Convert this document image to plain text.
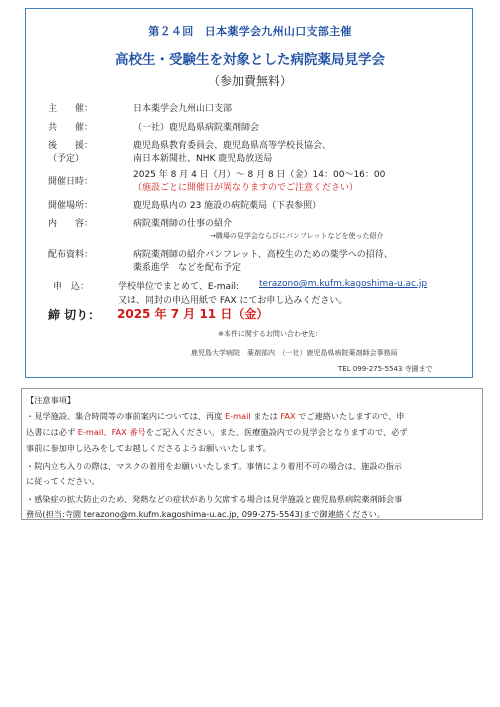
第２４回　日本薬学会九州山口支部主催
高校生・受験生を対象とした病院薬局見学会
（参加費無料）
主　　催：	日本薬学会九州山口支部
共　　催：	（一社）鹿児島県病院薬剤師会
後　　援：
（予定）
鹿児島県教育委員会、鹿児島県高等学校長協会、
南日本新聞社、NHK 鹿児島放送局
開催日時：
2025 年 8 月 4 日（月）～ 8 月 8 日（金）14：00～16：00
（施設ごとに開催日が異なりますのでご注意ください）
開催場所：	鹿児島県内の 23 施設の病院薬局（下表参照）
内　　容：	病院薬剤師の仕事の紹介
→職場の見学会ならびにパンフレットなどを使った紹介
配布資料：	病院薬剤師の紹介パンフレット、高校生のための薬学への招待、
薬系進学　などを配布予定
申　込：	学校単位でまとめて、E-mail: terazono@m.kufm.kagoshima-u.ac.jp
又は、同封の申込用紙で FAX にてお申し込みください。
締 切り： 2025 年 7 月 11 日（金）
※本件に関するお問い合わせ先：
鹿児島大学病院　薬剤部内　（一社）鹿児島県病院薬剤師会事務局
TEL 099-275-5543 寺園まで
【注意事項】
・見学施設、集合時間等の事前案内については、再度 E-mail または FAX でご連絡いたしますので、申
込書には必ず E-mail、FAX 番号をご記入ください。また、医療施設内での見学会となりますので、必ず
事前に参加申し込みをしてお越しくださるようお願いいたします。
・院内立ち入りの際は、マスクの着用をお願いいたします。事情により着用不可の場合は、施設の指示
に従ってください。
・感染症の拡大防止のため、発熱などの症状があり欠席する場合は見学施設と鹿児島県病院薬剤師会事
務局(担当:寺園 terazono@m.kufm.kagoshima-u.ac.jp, 099-275-5543)まで御連絡ください。
